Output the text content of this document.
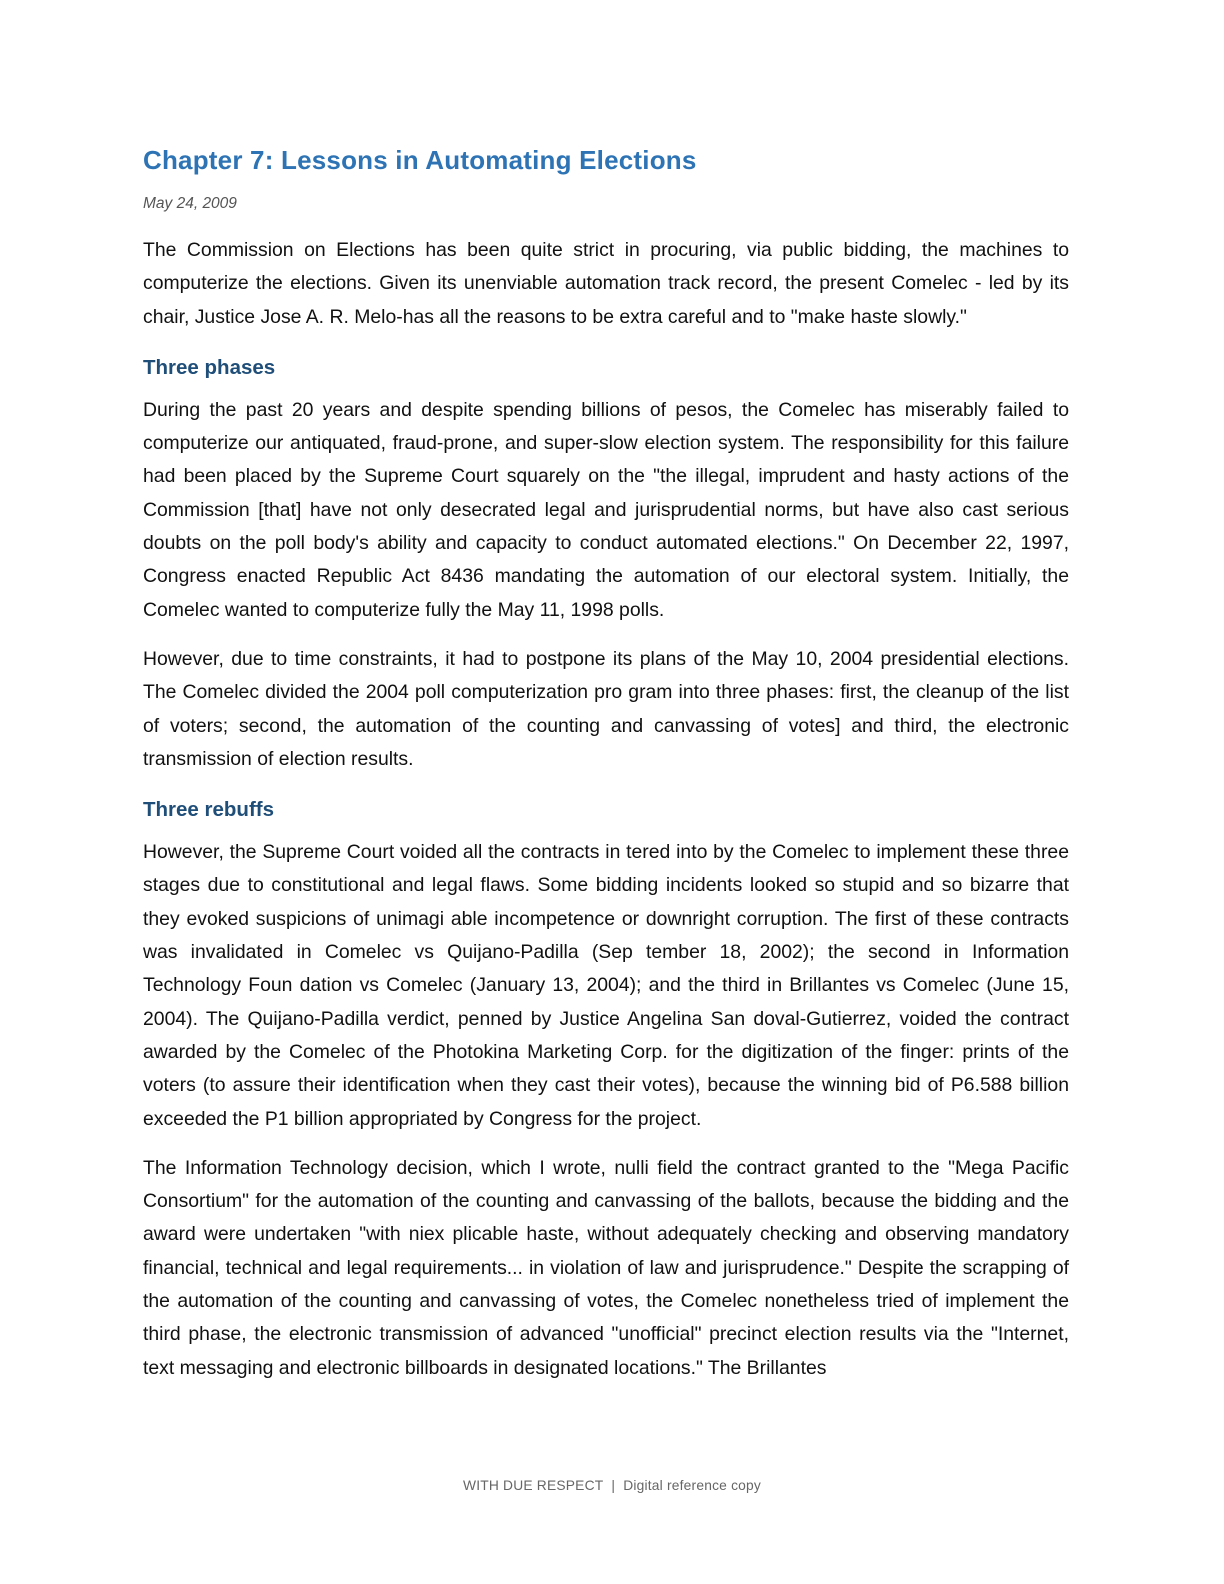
Chapter 7: Lessons in Automating Elections
May 24, 2009

The Commission on Elections has been quite strict in procuring, via public bidding, the machines to computerize the elections. Given its unenviable automation track record, the present Comelec - led by its chair, Justice Jose A. R. Melo-has all the reasons to be extra careful and to "make haste slowly."

Three phases

During the past 20 years and despite spending billions of pesos, the Comelec has miserably failed to computerize our antiquated, fraud-prone, and super-slow election system. The responsibility for this failure had been placed by the Supreme Court squarely on the "the illegal, imprudent and hasty actions of the Commission [that] have not only desecrated legal and jurisprudential norms, but have also cast serious doubts on the poll body's ability and capacity to conduct automated elections." On December 22, 1997, Congress enacted Republic Act 8436 mandating the automation of our electoral system. Initially, the Comelec wanted to computerize fully the May 11, 1998 polls.

However, due to time constraints, it had to postpone its plans of the May 10, 2004 presidential elections. The Comelec divided the 2004 poll computerization pro gram into three phases: first, the cleanup of the list of voters; second, the automation of the counting and canvassing of votes] and third, the electronic transmission of election results.

Three rebuffs

However, the Supreme Court voided all the contracts in tered into by the Comelec to implement these three stages due to constitutional and legal flaws. Some bidding incidents looked so stupid and so bizarre that they evoked suspicions of unimagi able incompetence or downright corruption. The first of these contracts was invalidated in Comelec vs Quijano-Padilla (Sep tember 18, 2002); the second in Information Technology Foun dation vs Comelec (January 13, 2004); and the third in Brillantes vs Comelec (June 15, 2004). The Quijano-Padilla verdict, penned by Justice Angelina San doval-Gutierrez, voided the contract awarded by the Comelec of the Photokina Marketing Corp. for the digitization of the finger: prints of the voters (to assure their identification when they cast their votes), because the winning bid of P6.588 billion exceeded the P1 billion appropriated by Congress for the project.

The Information Technology decision, which I wrote, nulli field the contract granted to the "Mega Pacific Consortium" for the automation of the counting and canvassing of the ballots, because the bidding and the award were undertaken "with niex plicable haste, without adequately checking and observing mandatory financial, technical and legal requirements... in violation of law and jurisprudence." Despite the scrapping of the automation of the counting and canvassing of votes, the Comelec nonetheless tried of implement the third phase, the electronic transmission of advanced "unofficial" precinct election results via the "Internet, text messaging and electronic billboards in designated locations." The Brillantes

WITH DUE RESPECT | Digital reference copy
